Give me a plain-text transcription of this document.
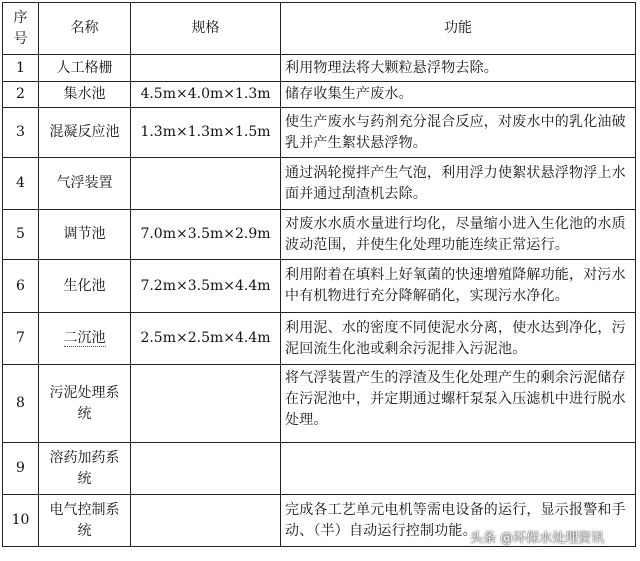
序号	名称	规格	功能
1	人工格栅		利用物理法将大颗粒悬浮物去除。
2	集水池	4.5m×4.0m×1.3m	储存收集生产废水。
3	混凝反应池	1.3m×1.3m×1.5m	使生产废水与药剂充分混合反应，对废水中的乳化油破乳并产生絮状悬浮物。
4	气浮装置		通过涡轮搅拌产生气泡，利用浮力使絮状悬浮物浮上水面并通过刮渣机去除。
5	调节池	7.0m×3.5m×2.9m	对废水水质水量进行均化，尽量缩小进入生化池的水质波动范围，并使生化处理功能连续正常运行。
6	生化池	7.2m×3.5m×4.4m	利用附着在填料上好氧菌的快速增殖降解功能，对污水中有机物进行充分降解硝化，实现污水净化。
7	二沉池	2.5m×2.5m×4.4m	利用泥、水的密度不同使泥水分离，使水达到净化，污泥回流生化池或剩余污泥排入污泥池。
8	污泥处理系统		将气浮装置产生的浮渣及生化处理产生的剩余污泥储存在污泥池中，并定期通过螺杆泵泵入压滤机中进行脱水处理。
9	溶药加药系统		
10	电气控制系统		完成各工艺单元电机等需电设备的运行，显示报警和手动、（半）自动运行控制功能。
头条 @环保水处理资讯
